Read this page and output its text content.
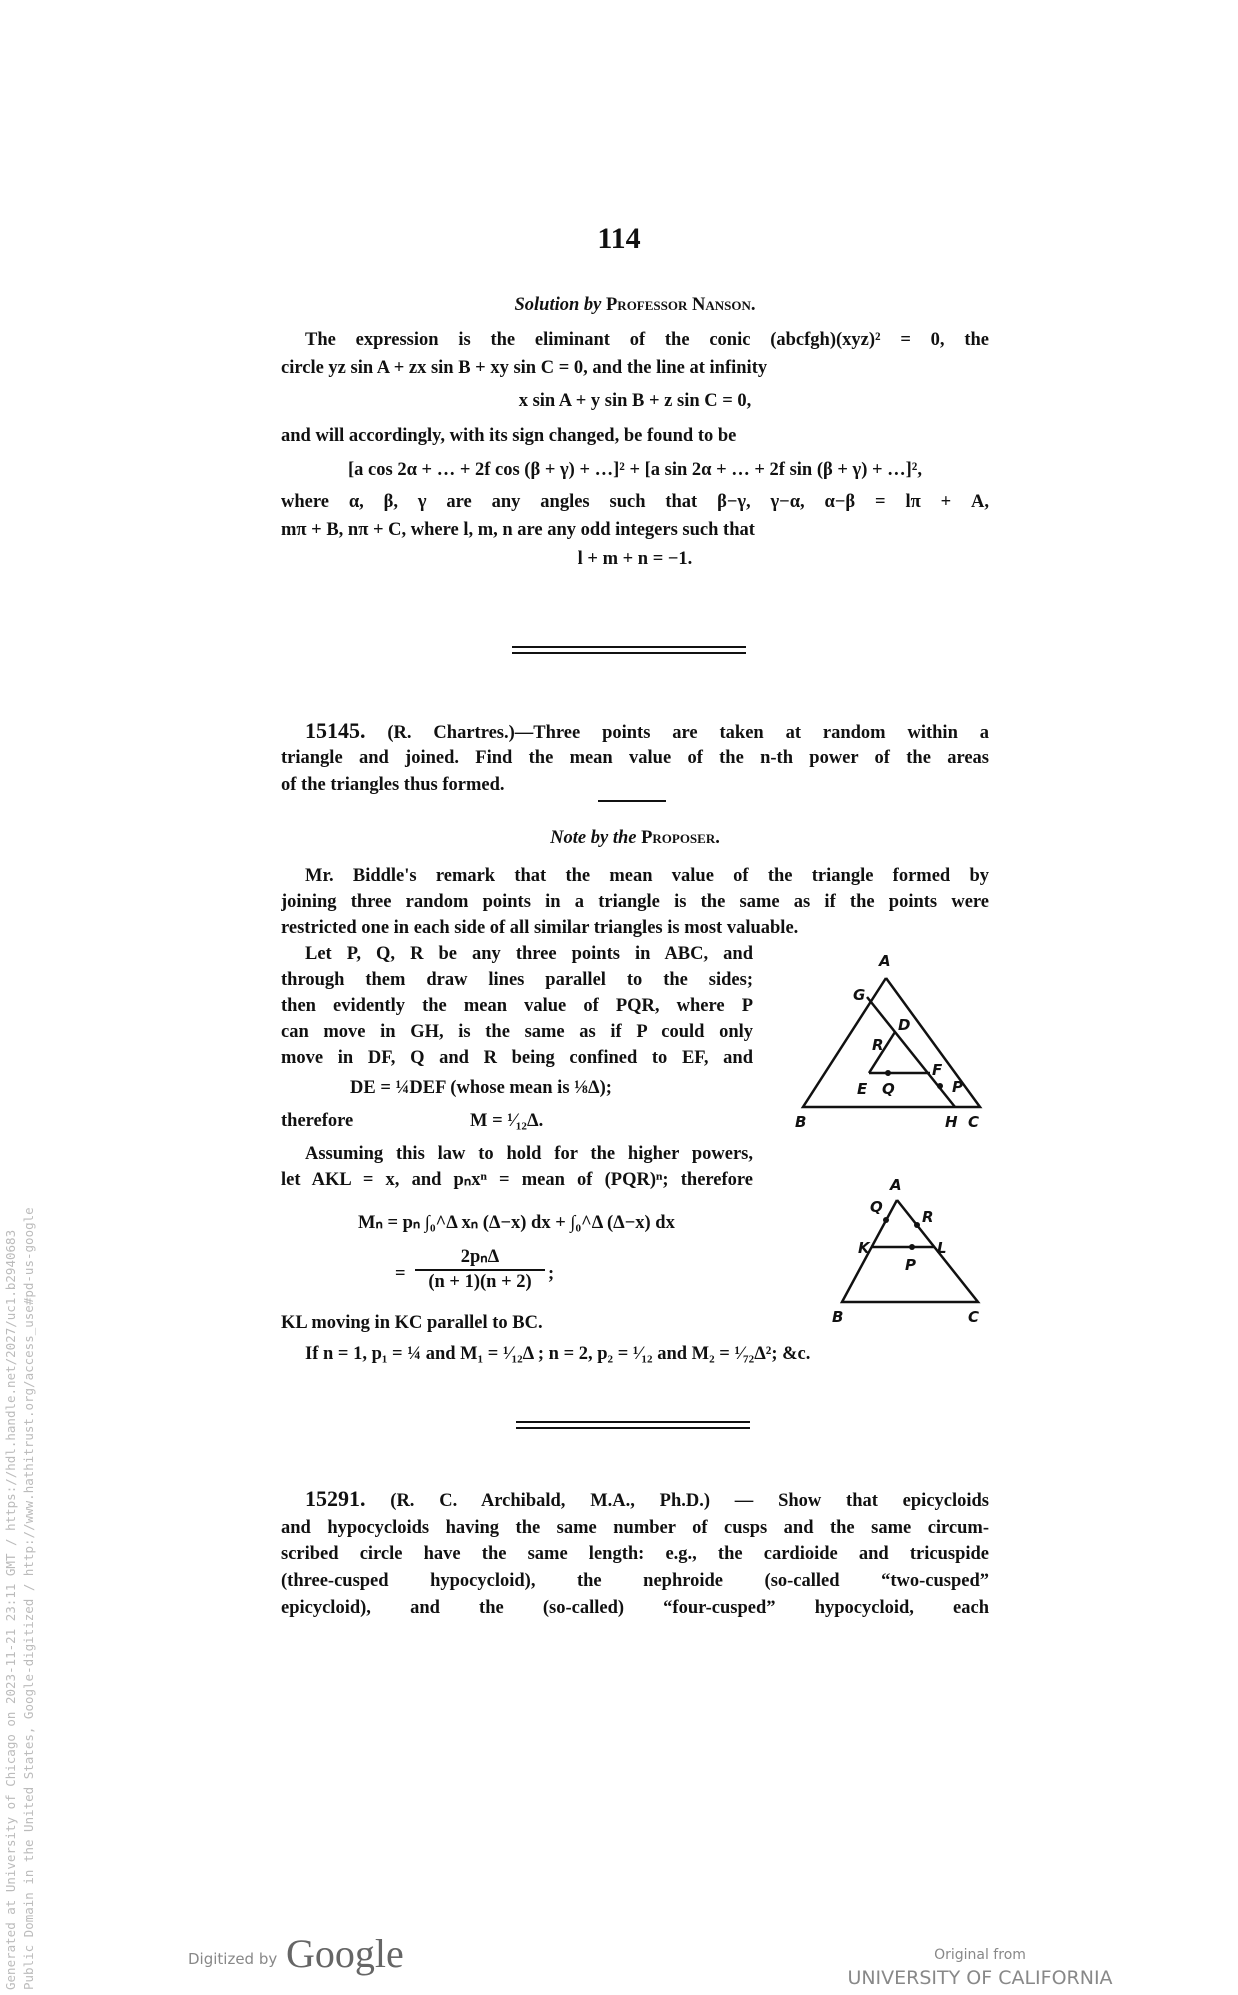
114
Solution by Professor Nanson.
The expression is the eliminant of the conic (abcfgh)(xyz)² = 0, the
circle yz sin A + zx sin B + xy sin C = 0, and the line at infinity
x sin A + y sin B + z sin C = 0,
and will accordingly, with its sign changed, be found to be
[a cos 2α + … + 2f cos (β + γ) + …]² + [a sin 2α + … + 2f sin (β + γ) + …]²,
where α, β, γ are any angles such that β−γ, γ−α, α−β = lπ + A,
mπ + B, nπ + C, where l, m, n are any odd integers such that
l + m + n = −1.
15145. (R. Chartres.)—Three points are taken at random within a
triangle and joined. Find the mean value of the n-th power of the areas
of the triangles thus formed.
Note by the Proposer.
Mr. Biddle's remark that the mean value of the triangle formed by
joining three random points in a triangle is the same as if the points were
restricted one in each side of all similar triangles is most valuable.
Let P, Q, R be any three points in ABC, and
through them draw lines parallel to the sides;
then evidently the mean value of PQR, where P
can move in GH, is the same as if P could only
move in DF, Q and R being confined to EF, and
DE = ¼DEF (whose mean is ⅛Δ);
therefore	M = ¹⁄₁₂Δ.
A
G
D
R
E Q
F
P
B	H C
Assuming this law to hold for the higher powers,
let AKL = x, and pₙxⁿ = mean of (PQR)ⁿ; therefore
Mₙ = pₙ ∫₀^Δ xₙ (Δ−x) dx + ∫₀^Δ (Δ−x) dx
=
2pₙΔ
(n + 1)(n + 2) ;
KL moving in KC parallel to BC.
If n = 1, p₁ = ¼ and M₁ = ¹⁄₁₂Δ ; n = 2, p₂ = ¹⁄₁₂ and M₂ = ¹⁄₇₂Δ²; &c.
A
Q
R
K	L
P
B	C
15291. (R. C. Archibald, M.A., Ph.D.) — Show that epicycloids
and hypocycloids having the same number of cusps and the same circum-
scribed circle have the same length: e.g., the cardioide and tricuspide
(three-cusped hypocycloid), the nephroide (so-called “two-cusped”
epicycloid), and the (so-called) “four-cusped” hypocycloid, each
Generated at University of Chicago on 2023-11-21 23:11 GMT / https://hdl.handle.net/2027/uc1.b2940683 Public Domain in the United States, Google-digitized / http://www.hathitrust.org/access_use#pd-us-google	Digitized by Google	Original from
UNIVERSITY OF CALIFORNIA
